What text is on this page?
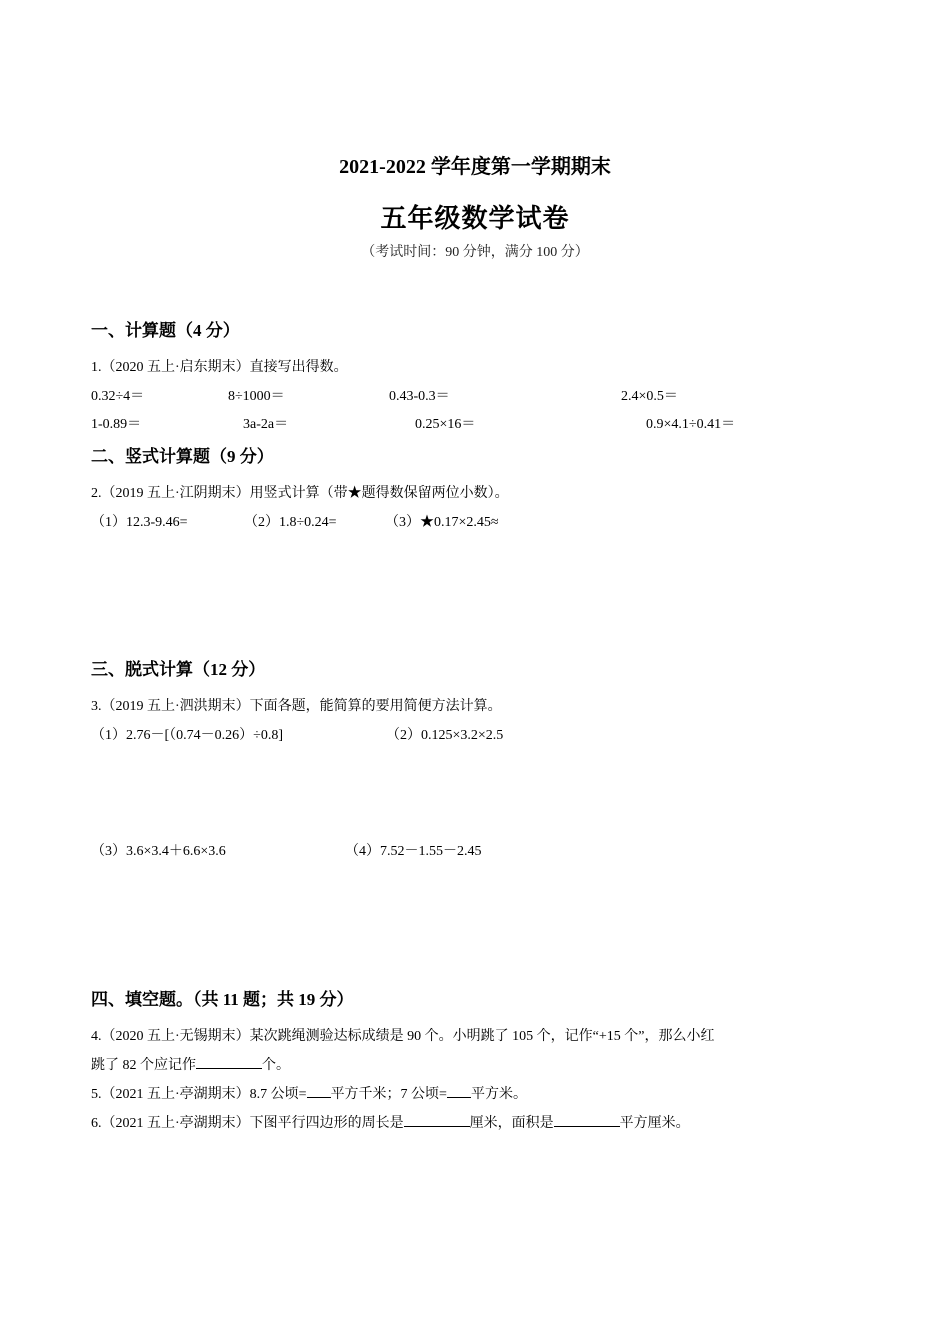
2021-2022 学年度第一学期期末
五年级数学试卷
（考试时间：90 分钟，满分 100 分）
一、计算题（4 分）
1.（2020 五上·启东期末）直接写出得数。
0.32÷4＝	8÷1000＝	0.43-0.3＝	2.4×0.5＝
1-0.89＝	3a-2a＝	0.25×16＝	0.9×4.1÷0.41＝
二、竖式计算题（9 分）
2.（2019 五上·江阴期末）用竖式计算（带★题得数保留两位小数）。
（1）12.3-9.46=	（2）1.8÷0.24=	（3）★0.17×2.45≈
三、脱式计算（12 分）
3.（2019 五上·泗洪期末）下面各题，能简算的要用简便方法计算。
（1）2.76－[（0.74－0.26）÷0.8]	（2）0.125×3.2×2.5
（3）3.6×3.4＋6.6×3.6	（4）7.52－1.55－2.45
四、填空题。（共 11 题；共 19 分）
4.（2020 五上·无锡期末）某次跳绳测验达标成绩是 90 个。小明跳了 105 个，记作“+15 个”，那么小红
跳了 82 个应记作	个。
5.（2021 五上·亭湖期末）8.7 公顷= 平方千米；7 公顷= 平方米。
6.（2021 五上·亭湖期末）下图平行四边形的周长是	厘米，面积是	平方厘米。
